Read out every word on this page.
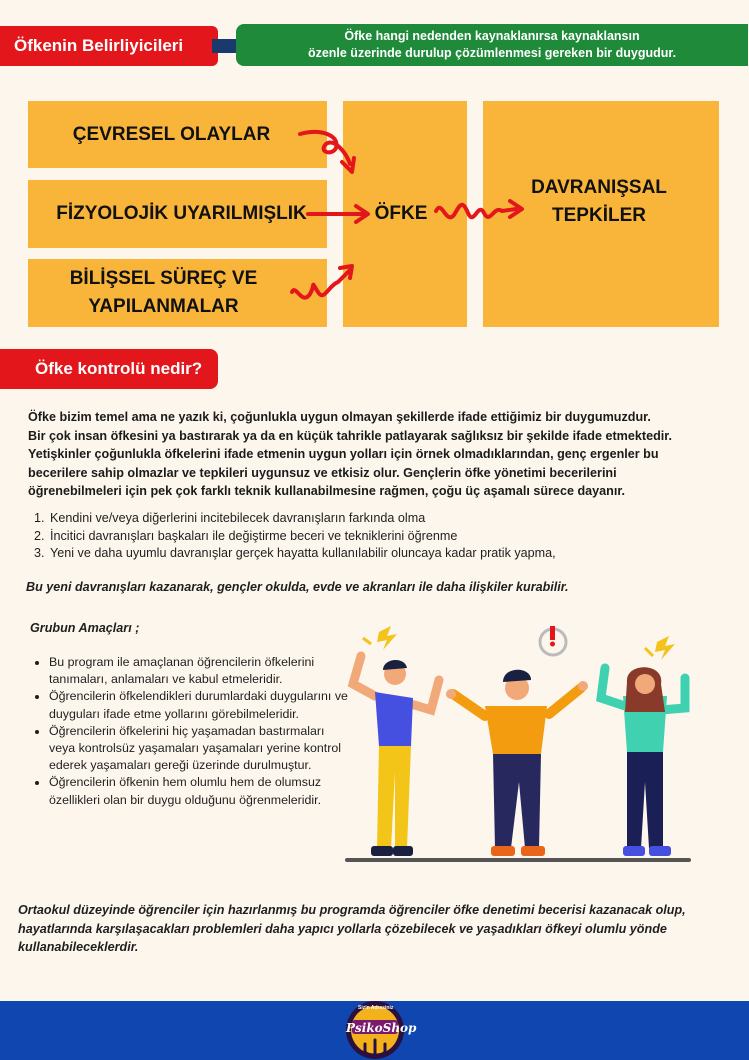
Öfkenin Belirliyicileri	Öfke hangi nedenden kaynaklanırsa kaynaklansın
özenle üzerinde durulup çözümlenmesi gereken bir duygudur.
ÇEVRESEL OLAYLAR
FİZYOLOJİK UYARILMIŞLIK
BİLİŞSEL SÜREÇ VE
YAPILANMALAR
ÖFKE
DAVRANIŞSAL
TEPKİLER
Öfke kontrolü nedir?
Öfke bizim temel ama ne yazık ki, çoğunlukla uygun olmayan şekillerde ifade ettiğimiz bir duygumuzdur.
Bir çok insan öfkesini ya bastırarak ya da en küçük tahrikle patlayarak sağlıksız bir şekilde ifade etmektedir.
Yetişkinler çoğunlukla öfkelerini ifade etmenin uygun yolları için örnek olmadıklarından, genç ergenler bu
becerilere sahip olmazlar ve tepkileri uygunsuz ve etkisiz olur. Gençlerin öfke yönetimi becerilerini
öğrenebilmeleri için pek çok farklı teknik kullanabilmesine rağmen, çoğu üç aşamalı sürece dayanır.
1. Kendini ve/veya diğerlerini incitebilecek davranışların farkında olma
2. İncitici davranışları başkaları ile değiştirme beceri ve tekniklerini öğrenme
3. Yeni ve daha uyumlu davranışlar gerçek hayatta kullanılabilir oluncaya kadar pratik yapma,
Bu yeni davranışları kazanarak, gençler okulda, evde ve akranları ile daha ilişkiler kurabilir.
Grubun Amaçları ;
• Bu program ile amaçlanan öğrencilerin öfkelerini tanımaları, anlamaları ve kabul etmeleridir.
• Öğrencilerin öfkelendikleri durumlardaki duygularını ve duyguları ifade etme yollarını görebilmeleridir.
• Öğrencilerin öfkelerini hiç yaşamadan bastırmaları veya kontrolsüz yaşamaları yaşamaları yerine kontrol ederek yaşamaları gereği üzerinde durulmuştur.
• Öğrencilerin öfkenin hem olumlu hem de olumsuz özellikleri olan bir duygu olduğunu öğrenmeleridir.
Ortaokul düzeyinde öğrenciler için hazırlanmış bu programda öğrenciler öfke denetimi becerisi kazanacak olup,
hayatlarında karşılaşacakları problemleri daha yapıcı yollarla çözebilecek ve yaşadıkları öfkeyi olumlu yönde
kullanabileceklerdir.
Sizin Adresiniz
PsikoShop
